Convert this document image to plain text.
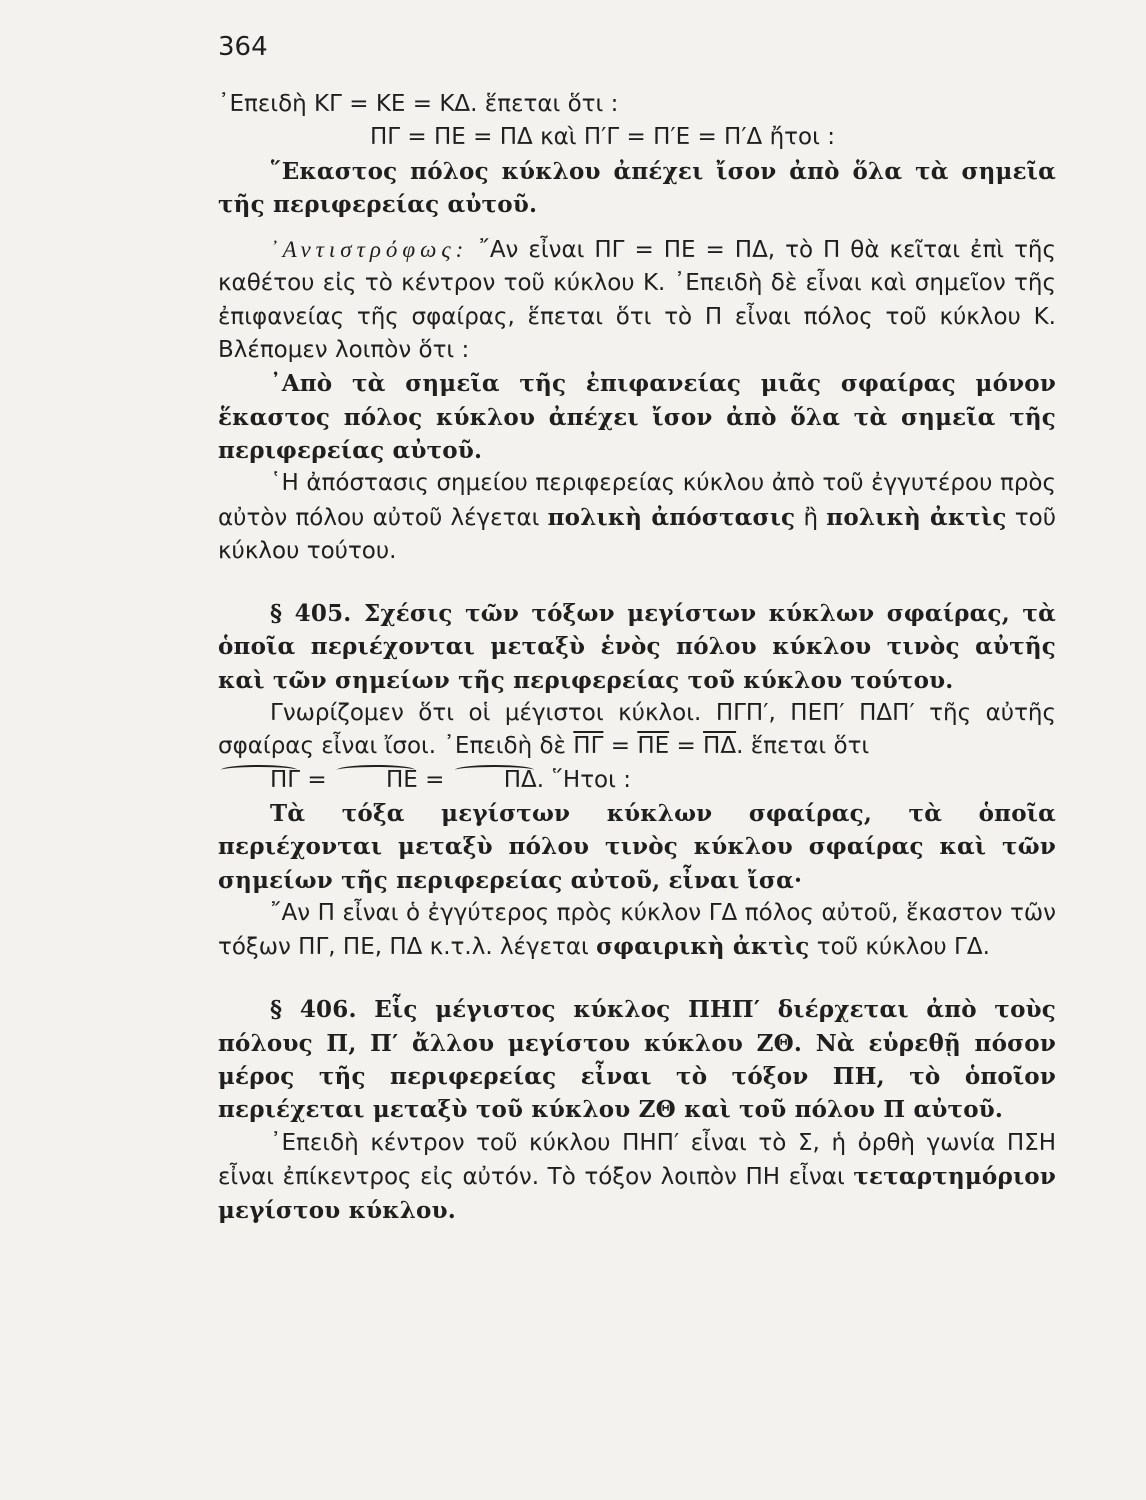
364

᾿Επειδὴ ΚΓ = ΚΕ = ΚΔ. ἕπεται ὅτι :
ΠΓ = ΠΕ = ΠΔ καὶ Π′Γ = Π′Ε = Π′Δ ἤτοι :

῞Εκαστος πόλος κύκλου ἀπέχει ἴσον ἀπὸ ὅλα τὰ σημεῖα τῆς περιφερείας αὐτοῦ.

᾿Αντιστρόφως: ῎Αν εἶναι ΠΓ = ΠΕ = ΠΔ, τὸ Π θὰ κεῖται ἐπὶ τῆς καθέτου εἰς τὸ κέντρον τοῦ κύκλου Κ. ᾿Επειδὴ δὲ εἶναι καὶ σημεῖον τῆς ἐπιφανείας τῆς σφαίρας, ἕπεται ὅτι τὸ Π εἶναι πόλος τοῦ κύκλου Κ. Βλέπομεν λοιπὸν ὅτι :

᾿Απὸ τὰ σημεῖα τῆς ἐπιφανείας μιᾶς σφαίρας μόνον ἕκαστος πόλος κύκλου ἀπέχει ἴσον ἀπὸ ὅλα τὰ σημεῖα τῆς περιφερείας αὐτοῦ.

῾Η ἀπόστασις σημείου περιφερείας κύκλου ἀπὸ τοῦ ἐγγυτέρου πρὸς αὐτὸν πόλου αὐτοῦ λέγεται πολικὴ ἀπόστασις ἢ πολικὴ ἀκτὶς τοῦ κύκλου τούτου.

§ 405. Σχέσις τῶν τόξων μεγίστων κύκλων σφαίρας, τὰ ὁποῖα περιέχονται μεταξὺ ἑνὸς πόλου κύκλου τινὸς αὐτῆς καὶ τῶν σημείων τῆς περιφερείας τοῦ κύκλου τούτου.

Γνωρίζομεν ὅτι οἱ μέγιστοι κύκλοι. ΠΓΠ′, ΠΕΠ′ ΠΔΠ′ τῆς αὐτῆς σφαίρας εἶναι ἴσοι. ᾿Επειδὴ δὲ $\overline{\Pi\Gamma} = \overline{\Pi E} = \overline{\Pi\Delta}$. ἕπεται ὅτι
ΠΓ = ΠΕ = ΠΔ. ῞Ητοι :

Τὰ τόξα μεγίστων κύκλων σφαίρας, τὰ ὁποῖα περιέχονται μεταξὺ πόλου τινὸς κύκλου σφαίρας καὶ τῶν σημείων τῆς περιφερείας αὐτοῦ, εἶναι ἴσα·

῎Αν Π εἶναι ὁ ἐγγύτερος πρὸς κύκλον ΓΔ πόλος αὐτοῦ, ἕκαστον τῶν τόξων ΠΓ, ΠΕ, ΠΔ κ.τ.λ. λέγεται σφαιρικὴ ἀκτὶς τοῦ κύκλου ΓΔ.

§ 406. Εἷς μέγιστος κύκλος ΠΗΠ′ διέρχεται ἀπὸ τοὺς πόλους Π, Π′ ἄλλου μεγίστου κύκλου ΖΘ. Νὰ εὑρεθῇ πόσον μέρος τῆς περιφερείας εἶναι τὸ τόξον ΠΗ, τὸ ὁποῖον περιέχεται μεταξὺ τοῦ κύκλου ΖΘ καὶ τοῦ πόλου Π αὐτοῦ.

᾿Επειδὴ κέντρον τοῦ κύκλου ΠΗΠ′ εἶναι τὸ Σ, ἡ ὀρθὴ γωνία ΠΣΗ εἶναι ἐπίκεντρος εἰς αὐτόν. Τὸ τόξον λοιπὸν ΠΗ εἶναι τεταρτημόριον μεγίστου κύκλου.
